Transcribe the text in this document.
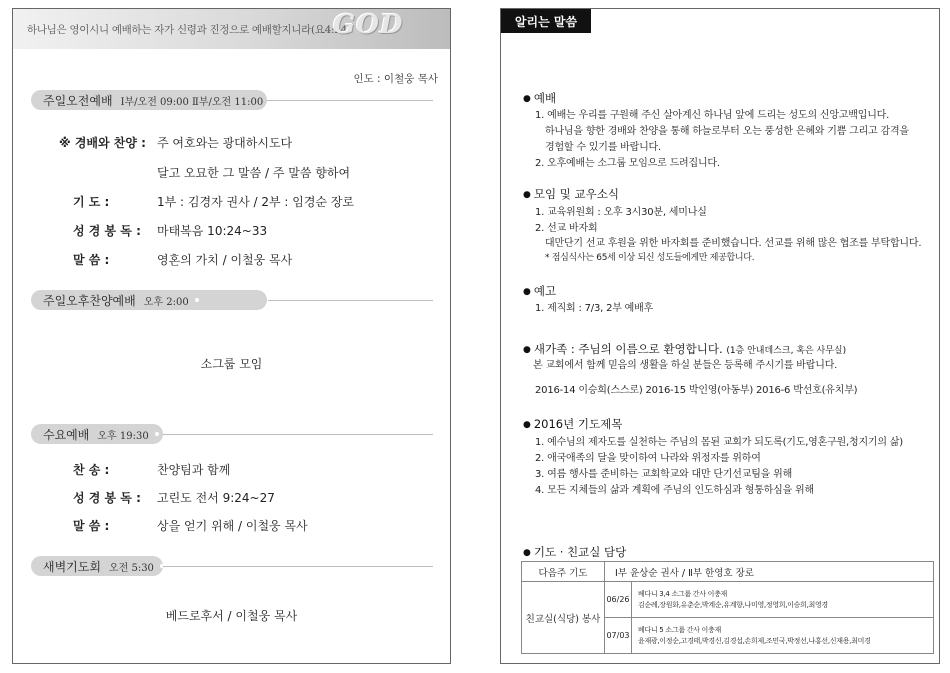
하나님은 영이시니 예배하는 자가 신령과 진정으로 예배할지니라(요4:24)
GOD
인도 : 이철웅 목사
주일오전예배 Ⅰ부/오전 09:00 Ⅱ부/오전 11:00
※ 경배와 찬양 : 주 여호와는 광대하시도다
달고 오묘한 그 말씀 / 주 말씀 향하여
기 도 :	1부 : 김경자 권사 / 2부 : 임경순 장로
성 경 봉 독 : 마태복음 10:24~33
말 씀 :	영혼의 가치 / 이철웅 목사
주일오후찬양예배 오후 2:00
소그룹 모임
수요예배 오후 19:30
찬 송 :	찬양팀과 함께
성 경 봉 독 : 고린도 전서 9:24~27
말 씀 :	상을 얻기 위해 / 이철웅 목사
새벽기도회 오전 5:30
베드로후서 / 이철웅 목사
알리는 말씀
● 예배
1. 예배는 우리를 구원해 주신 살아계신 하나님 앞에 드리는 성도의 신앙고백입니다.
하나님을 향한 경배와 찬양을 통해 하늘로부터 오는 풍성한 은혜와 기쁨 그리고 감격을
경험할 수 있기를 바랍니다.
2. 오후예배는 소그룹 모임으로 드려집니다.
● 모임 및 교우소식
1. 교육위원회 : 오후 3시30분, 세미나실
2. 선교 바자회
대만단기 선교 후원을 위한 바자회를 준비했습니다. 선교를 위해 많은 협조를 부탁합니다.
* 점심식사는 65세 이상 되신 성도들에게만 제공합니다.
● 예고
1. 제직회 : 7/3, 2부 예배후
● 새가족 : 주님의 이름으로 환영합니다. (1층 안내데스크, 혹은 사무실)
본 교회에서 함께 믿음의 생활을 하실 분들은 등록해 주시기를 바랍니다.
2016-14 이승희(스스로) 2016-15 박인영(아동부) 2016-6 박선호(유치부)
● 2016년 기도제목
1. 예수님의 제자도를 실천하는 주님의 몸된 교회가 되도록(기도,영혼구원,청지기의 삶)
2. 애국애족의 달을 맞이하여 나라와 위정자를 위하여
3. 여름 행사를 준비하는 교회학교와 대만 단기선교팀을 위해
4. 모든 지체들의 삶과 계획에 주님의 인도하심과 형통하심을 위해
● 기도 · 친교실 담당
다음주 기도	Ⅰ부 윤상순 권사 / Ⅱ부 한영호 장로	
친교실(식당) 봉사	06/26	베다니 3,4 소그룹 간사 이충재
김순례,장원화,유춘순,박계순,유계향,나미영,정영희,이승희,최영경

	07/03	베다니 5 소그룹 간사 이충재
윤재광,이정순,고경태,박경신,김경섭,손희제,조민국,박정선,나홍선,신재용,최미경
